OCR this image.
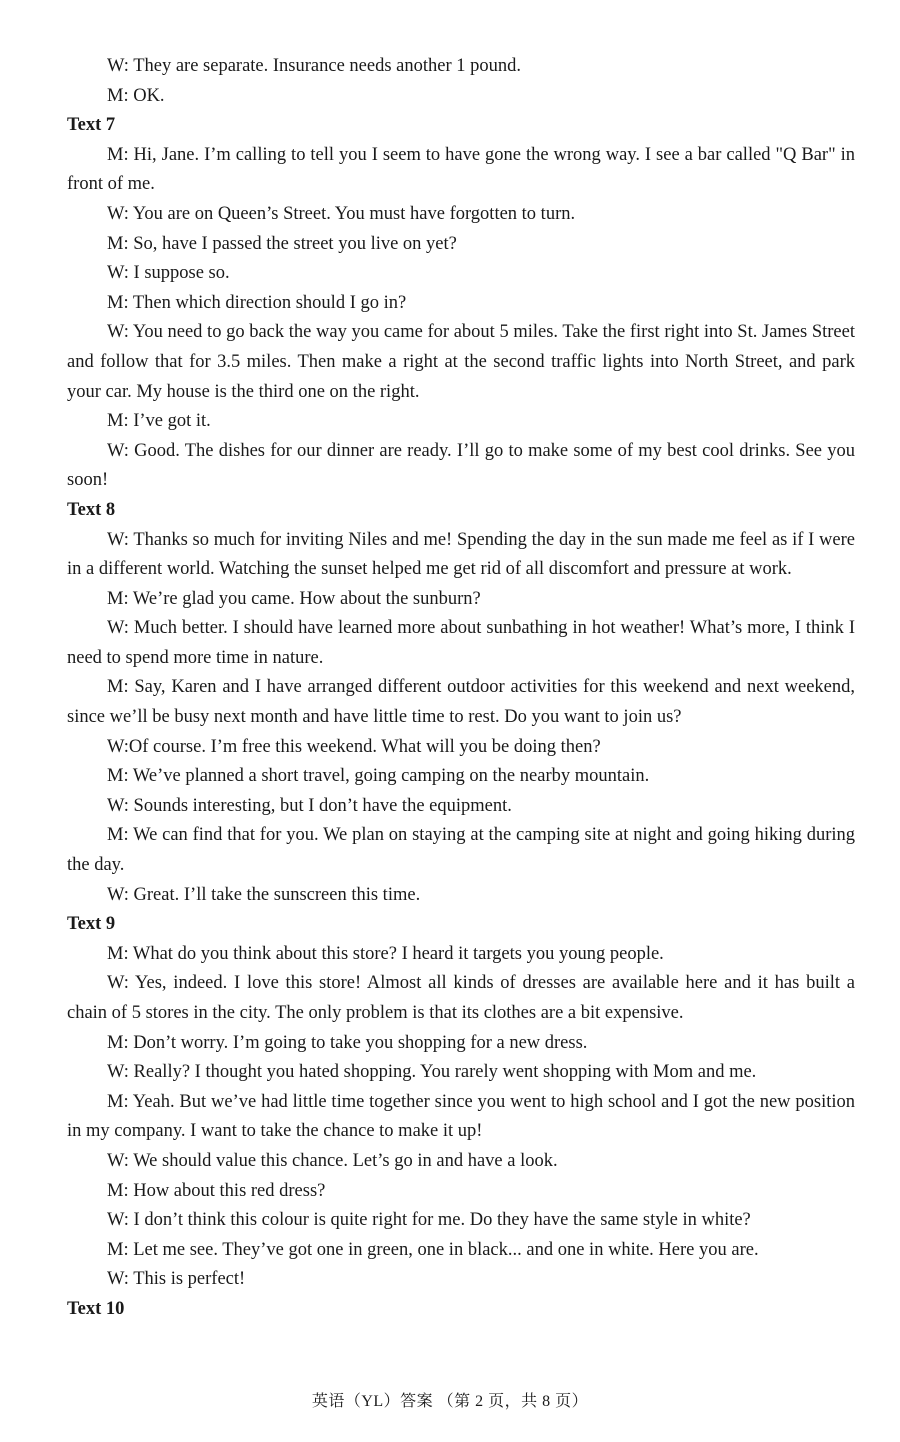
W: They are separate. Insurance needs another 1 pound.

M: OK.

Text 7

M: Hi, Jane. I’m calling to tell you I seem to have gone the wrong way. I see a bar called "Q Bar" in front of me.

W: You are on Queen’s Street. You must have forgotten to turn.

M: So, have I passed the street you live on yet?

W: I suppose so.

M: Then which direction should I go in?

W: You need to go back the way you came for about 5 miles. Take the first right into St. James Street and follow that for 3.5 miles. Then make a right at the second traffic lights into North Street, and park your car. My house is the third one on the right.

M: I’ve got it.

W: Good. The dishes for our dinner are ready. I’ll go to make some of my best cool drinks. See you soon!

Text 8

W: Thanks so much for inviting Niles and me! Spending the day in the sun made me feel as if I were in a different world. Watching the sunset helped me get rid of all discomfort and pressure at work.

M: We’re glad you came. How about the sunburn?

W: Much better. I should have learned more about sunbathing in hot weather! What’s more, I think I need to spend more time in nature.

M: Say, Karen and I have arranged different outdoor activities for this weekend and next weekend, since we’ll be busy next month and have little time to rest. Do you want to join us?

W:Of course. I’m free this weekend. What will you be doing then?

M: We’ve planned a short travel, going camping on the nearby mountain.

W: Sounds interesting, but I don’t have the equipment.

M: We can find that for you. We plan on staying at the camping site at night and going hiking during the day.

W: Great. I’ll take the sunscreen this time.

Text 9

M: What do you think about this store? I heard it targets you young people.

W: Yes, indeed. I love this store! Almost all kinds of dresses are available here and it has built a chain of 5 stores in the city. The only problem is that its clothes are a bit expensive.

M: Don’t worry. I’m going to take you shopping for a new dress.

W: Really? I thought you hated shopping. You rarely went shopping with Mom and me.

M: Yeah. But we’ve had little time together since you went to high school and I got the new position in my company. I want to take the chance to make it up!

W: We should value this chance. Let’s go in and have a look.

M: How about this red dress?

W: I don’t think this colour is quite right for me. Do they have the same style in white?

M: Let me see. They’ve got one in green, one in black... and one in white. Here you are.

W: This is perfect!

Text 10

英语（YL）答案 （第 2 页，共 8 页）
